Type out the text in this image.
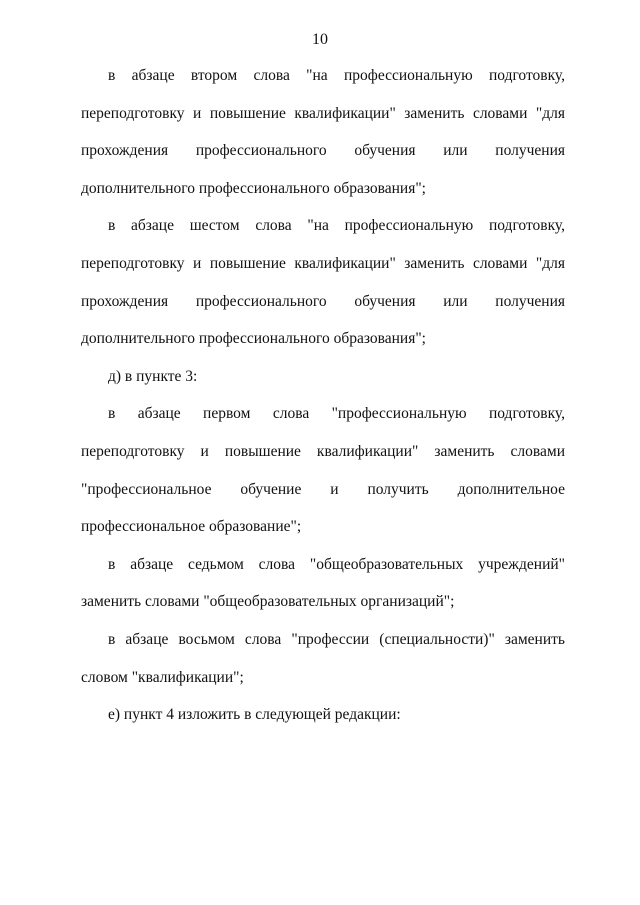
10
в абзаце втором слова "на профессиональную подготовку,
переподготовку и повышение квалификации" заменить словами "для
прохождения профессионального обучения или получения
дополнительного профессионального образования";
в абзаце шестом слова "на профессиональную подготовку,
переподготовку и повышение квалификации" заменить словами "для
прохождения профессионального обучения или получения
дополнительного профессионального образования";
д) в пункте 3:
в абзаце первом слова "профессиональную подготовку,
переподготовку и повышение квалификации" заменить словами
"профессиональное обучение и получить дополнительное
профессиональное образование";
в абзаце седьмом слова "общеобразовательных учреждений"
заменить словами "общеобразовательных организаций";
в абзаце восьмом слова "профессии (специальности)" заменить
словом "квалификации";
е) пункт 4 изложить в следующей редакции:
